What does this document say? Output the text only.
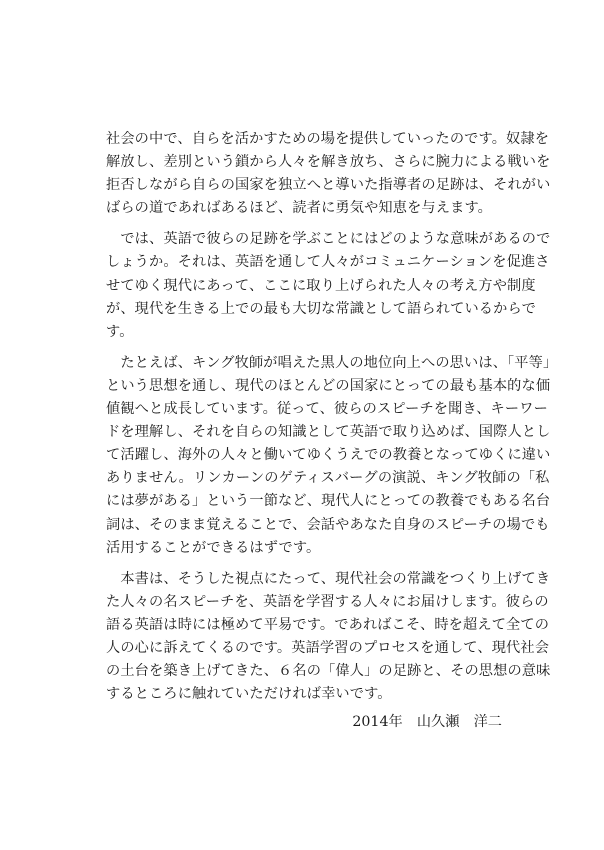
社会の中で、自らを活かすための場を提供していったのです。奴隷を
解放し、差別という鎖から人々を解き放ち、さらに腕力による戦いを
拒否しながら自らの国家を独立へと導いた指導者の足跡は、それがい
ばらの道であればあるほど、読者に勇気や知恵を与えます。
　では、英語で彼らの足跡を学ぶことにはどのような意味があるので
しょうか。それは、英語を通して人々がコミュニケーションを促進さ
せてゆく現代にあって、ここに取り上げられた人々の考え方や制度
が、現代を生きる上での最も大切な常識として語られているからで
す。
　たとえば、キング牧師が唱えた黒人の地位向上への思いは、「平等」
という思想を通し、現代のほとんどの国家にとっての最も基本的な価
値観へと成長しています。従って、彼らのスピーチを聞き、キーワー
ドを理解し、それを自らの知識として英語で取り込めば、国際人とし
て活躍し、海外の人々と働いてゆくうえでの教養となってゆくに違い
ありません。リンカーンのゲティスバーグの演説、キング牧師の「私
には夢がある」という一節など、現代人にとっての教養でもある名台
詞は、そのまま覚えることで、会話やあなた自身のスピーチの場でも
活用することができるはずです。
　本書は、そうした視点にたって、現代社会の常識をつくり上げてき
た人々の名スピーチを、英語を学習する人々にお届けします。彼らの
語る英語は時には極めて平易です。であればこそ、時を超えて全ての
人の心に訴えてくるのです。英語学習のプロセスを通して、現代社会
の土台を築き上げてきた、６名の「偉人」の足跡と、その思想の意味
するところに触れていただければ幸いです。
2014年　 山久瀬　洋二
